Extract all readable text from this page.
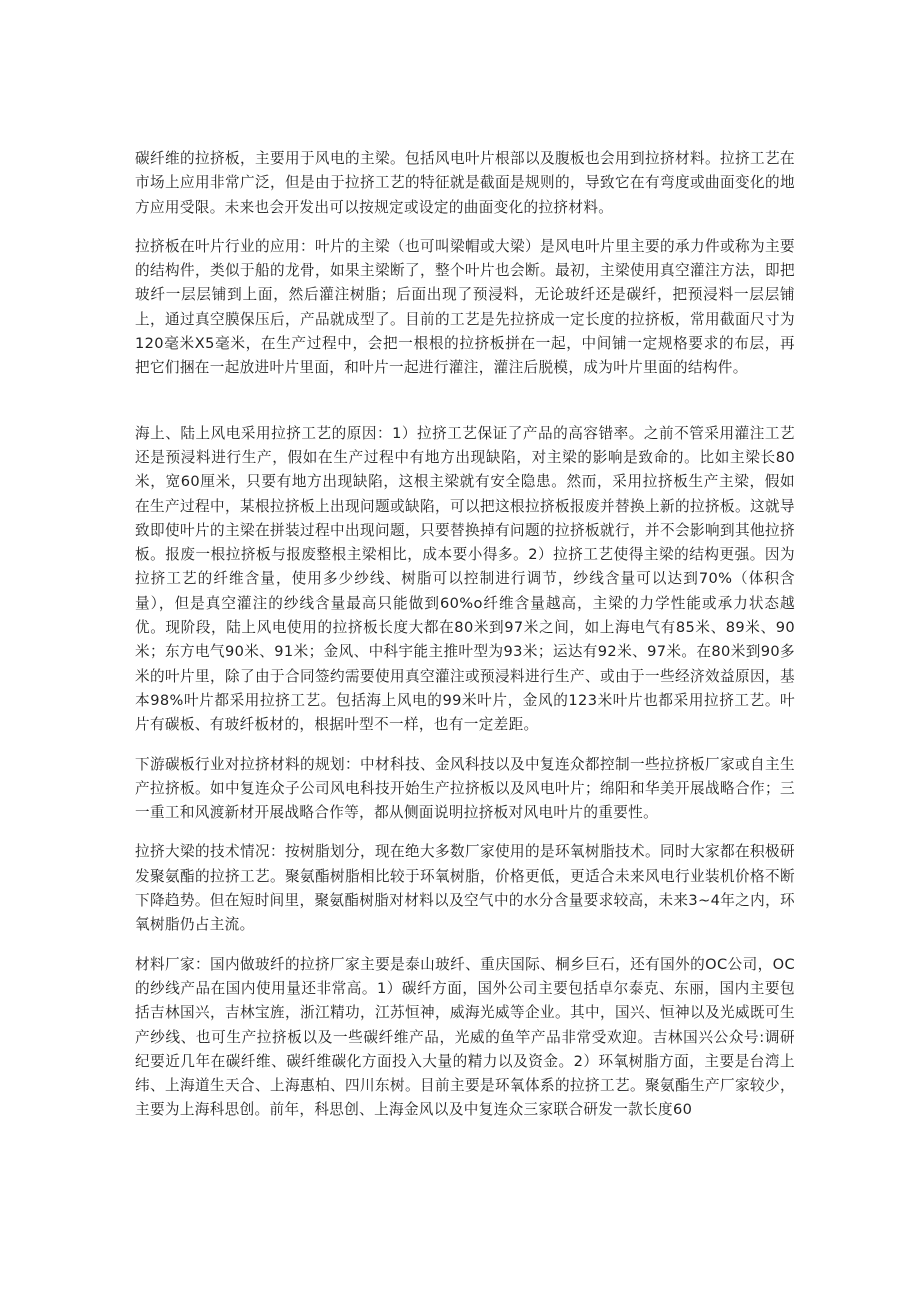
碳纤维的拉挤板，主要用于风电的主梁。包括风电叶片根部以及腹板也会用到拉挤材料。拉挤工艺在市场上应用非常广泛，但是由于拉挤工艺的特征就是截面是规则的，导致它在有弯度或曲面变化的地方应用受限。未来也会开发出可以按规定或设定的曲面变化的拉挤材料。

拉挤板在叶片行业的应用：叶片的主梁（也可叫梁帽或大梁）是风电叶片里主要的承力件或称为主要的结构件，类似于船的龙骨，如果主梁断了，整个叶片也会断。最初，主梁使用真空灌注方法，即把玻纤一层层铺到上面，然后灌注树脂；后面出现了预浸料，无论玻纤还是碳纤，把预浸料一层层铺上，通过真空膜保压后，产品就成型了。目前的工艺是先拉挤成一定长度的拉挤板，常用截面尺寸为120毫米X5毫米，在生产过程中，会把一根根的拉挤板拼在一起，中间铺一定规格要求的布层，再把它们捆在一起放进叶片里面，和叶片一起进行灌注，灌注后脱模，成为叶片里面的结构件。

海上、陆上风电采用拉挤工艺的原因：1）拉挤工艺保证了产品的高容错率。之前不管采用灌注工艺还是预浸料进行生产，假如在生产过程中有地方出现缺陷，对主梁的影响是致命的。比如主梁长80米，宽60厘米，只要有地方出现缺陷，这根主梁就有安全隐患。然而，采用拉挤板生产主梁，假如在生产过程中，某根拉挤板上出现问题或缺陷，可以把这根拉挤板报废并替换上新的拉挤板。这就导致即使叶片的主梁在拼装过程中出现问题，只要替换掉有问题的拉挤板就行，并不会影响到其他拉挤板。报废一根拉挤板与报废整根主梁相比，成本要小得多。2）拉挤工艺使得主梁的结构更强。因为拉挤工艺的纤维含量，使用多少纱线、树脂可以控制进行调节，纱线含量可以达到70%（体积含量），但是真空灌注的纱线含量最高只能做到60%o纤维含量越高，主梁的力学性能或承力状态越优。现阶段，陆上风电使用的拉挤板长度大都在80米到97米之间，如上海电气有85米、89米、90米；东方电气90米、91米；金风、中科宇能主推叶型为93米；运达有92米、97米。在80米到90多米的叶片里，除了由于合同签约需要使用真空灌注或预浸料进行生产、或由于一些经济效益原因，基本98%叶片都采用拉挤工艺。包括海上风电的99米叶片，金风的123米叶片也都采用拉挤工艺。叶片有碳板、有玻纤板材的，根据叶型不一样，也有一定差距。

下游碳板行业对拉挤材料的规划：中材科技、金风科技以及中复连众都控制一些拉挤板厂家或自主生产拉挤板。如中复连众子公司风电科技开始生产拉挤板以及风电叶片；绵阳和华美开展战略合作；三一重工和风渡新材开展战略合作等，都从侧面说明拉挤板对风电叶片的重要性。

拉挤大梁的技术情况：按树脂划分，现在绝大多数厂家使用的是环氧树脂技术。同时大家都在积极研发聚氨酯的拉挤工艺。聚氨酯树脂相比较于环氧树脂，价格更低，更适合未来风电行业装机价格不断下降趋势。但在短时间里，聚氨酯树脂对材料以及空气中的水分含量要求较高，未来3~4年之内，环氧树脂仍占主流。

材料厂家：国内做玻纤的拉挤厂家主要是泰山玻纤、重庆国际、桐乡巨石，还有国外的OC公司，OC的纱线产品在国内使用量还非常高。1）碳纤方面，国外公司主要包括卓尔泰克、东丽，国内主要包括吉林国兴，吉林宝旌，浙江精功，江苏恒神，威海光威等企业。其中，国兴、恒神以及光威既可生产纱线、也可生产拉挤板以及一些碳纤维产品，光威的鱼竿产品非常受欢迎。吉林国兴公众号:调研纪要近几年在碳纤维、碳纤维碳化方面投入大量的精力以及资金。2）环氧树脂方面，主要是台湾上纬、上海道生天合、上海惠柏、四川东树。目前主要是环氧体系的拉挤工艺。聚氨酯生产厂家较少，主要为上海科思创。前年，科思创、上海金风以及中复连众三家联合研发一款长度60
